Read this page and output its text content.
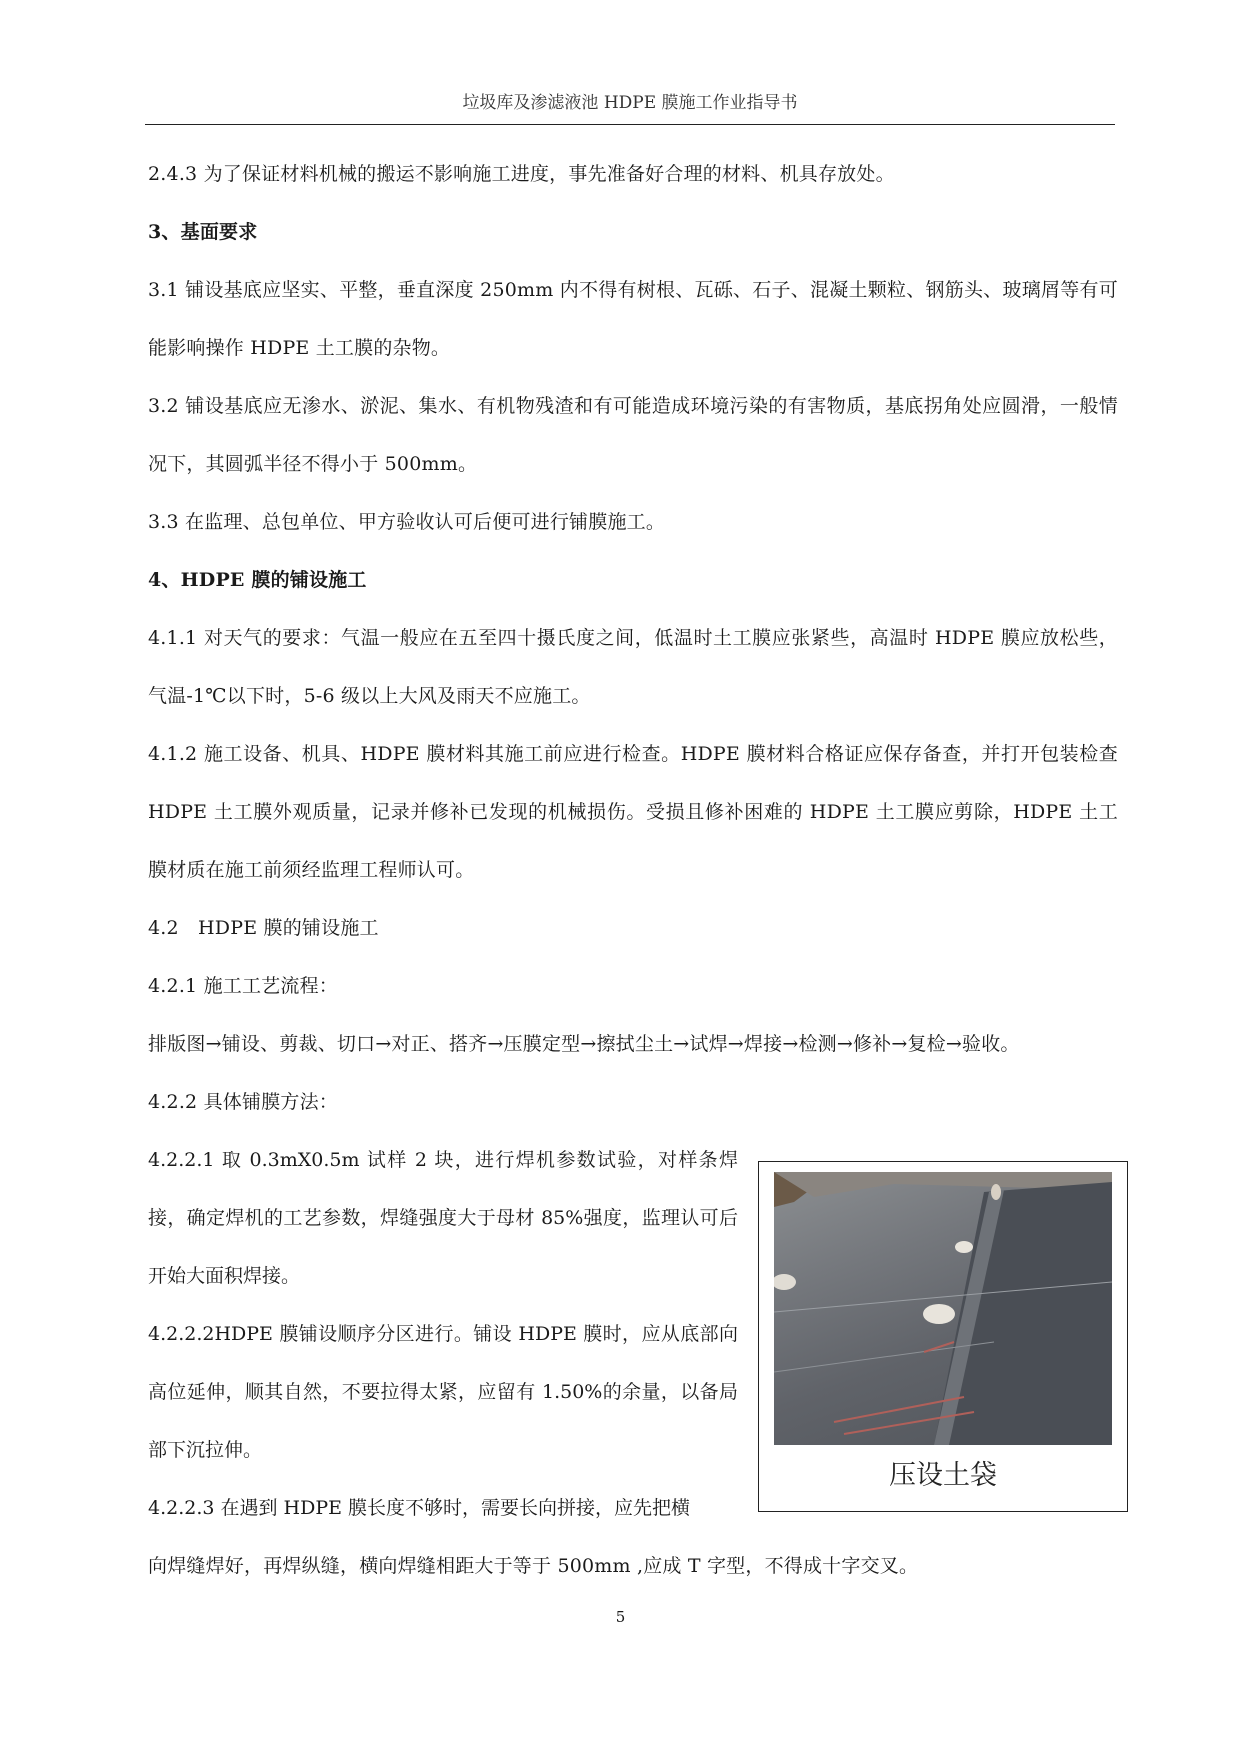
垃圾库及渗滤液池 HDPE 膜施工作业指导书

2.4.3 为了保证材料机械的搬运不影响施工进度，事先准备好合理的材料、机具存放处。

3、基面要求

3.1 铺设基底应坚实、平整，垂直深度 250mm 内不得有树根、瓦砾、石子、混凝土颗粒、钢筋头、玻璃屑等有可能影响操作 HDPE 土工膜的杂物。

3.2 铺设基底应无渗水、淤泥、集水、有机物残渣和有可能造成环境污染的有害物质，基底拐角处应圆滑，一般情况下，其圆弧半径不得小于 500mm。

3.3 在监理、总包单位、甲方验收认可后便可进行铺膜施工。

4、HDPE 膜的铺设施工

4.1.1 对天气的要求：气温一般应在五至四十摄氏度之间，低温时土工膜应张紧些，高温时 HDPE 膜应放松些，气温-1℃以下时，5-6 级以上大风及雨天不应施工。

4.1.2 施工设备、机具、HDPE 膜材料其施工前应进行检查。HDPE 膜材料合格证应保存备查，并打开包装检查 HDPE 土工膜外观质量，记录并修补已发现的机械损伤。受损且修补困难的 HDPE 土工膜应剪除，HDPE 土工膜材质在施工前须经监理工程师认可。

4.2　HDPE 膜的铺设施工

4.2.1 施工工艺流程：

排版图→铺设、剪裁、切口→对正、搭齐→压膜定型→擦拭尘土→试焊→焊接→检测→修补→复检→验收。

4.2.2 具体铺膜方法：

4.2.2.1 取 0.3mX0.5m 试样 2 块，进行焊机参数试验，对样条焊接，确定焊机的工艺参数，焊缝强度大于母材 85%强度，监理认可后开始大面积焊接。

4.2.2.2HDPE 膜铺设顺序分区进行。铺设 HDPE 膜时，应从底部向高位延伸，顺其自然，不要拉得太紧，应留有 1.50%的余量，以备局部下沉拉伸。

4.2.2.3 在遇到 HDPE 膜长度不够时，需要长向拼接，应先把横

压设土袋

向焊缝焊好，再焊纵缝，横向焊缝相距大于等于 500mm ,应成 T 字型，不得成十字交叉。

5
